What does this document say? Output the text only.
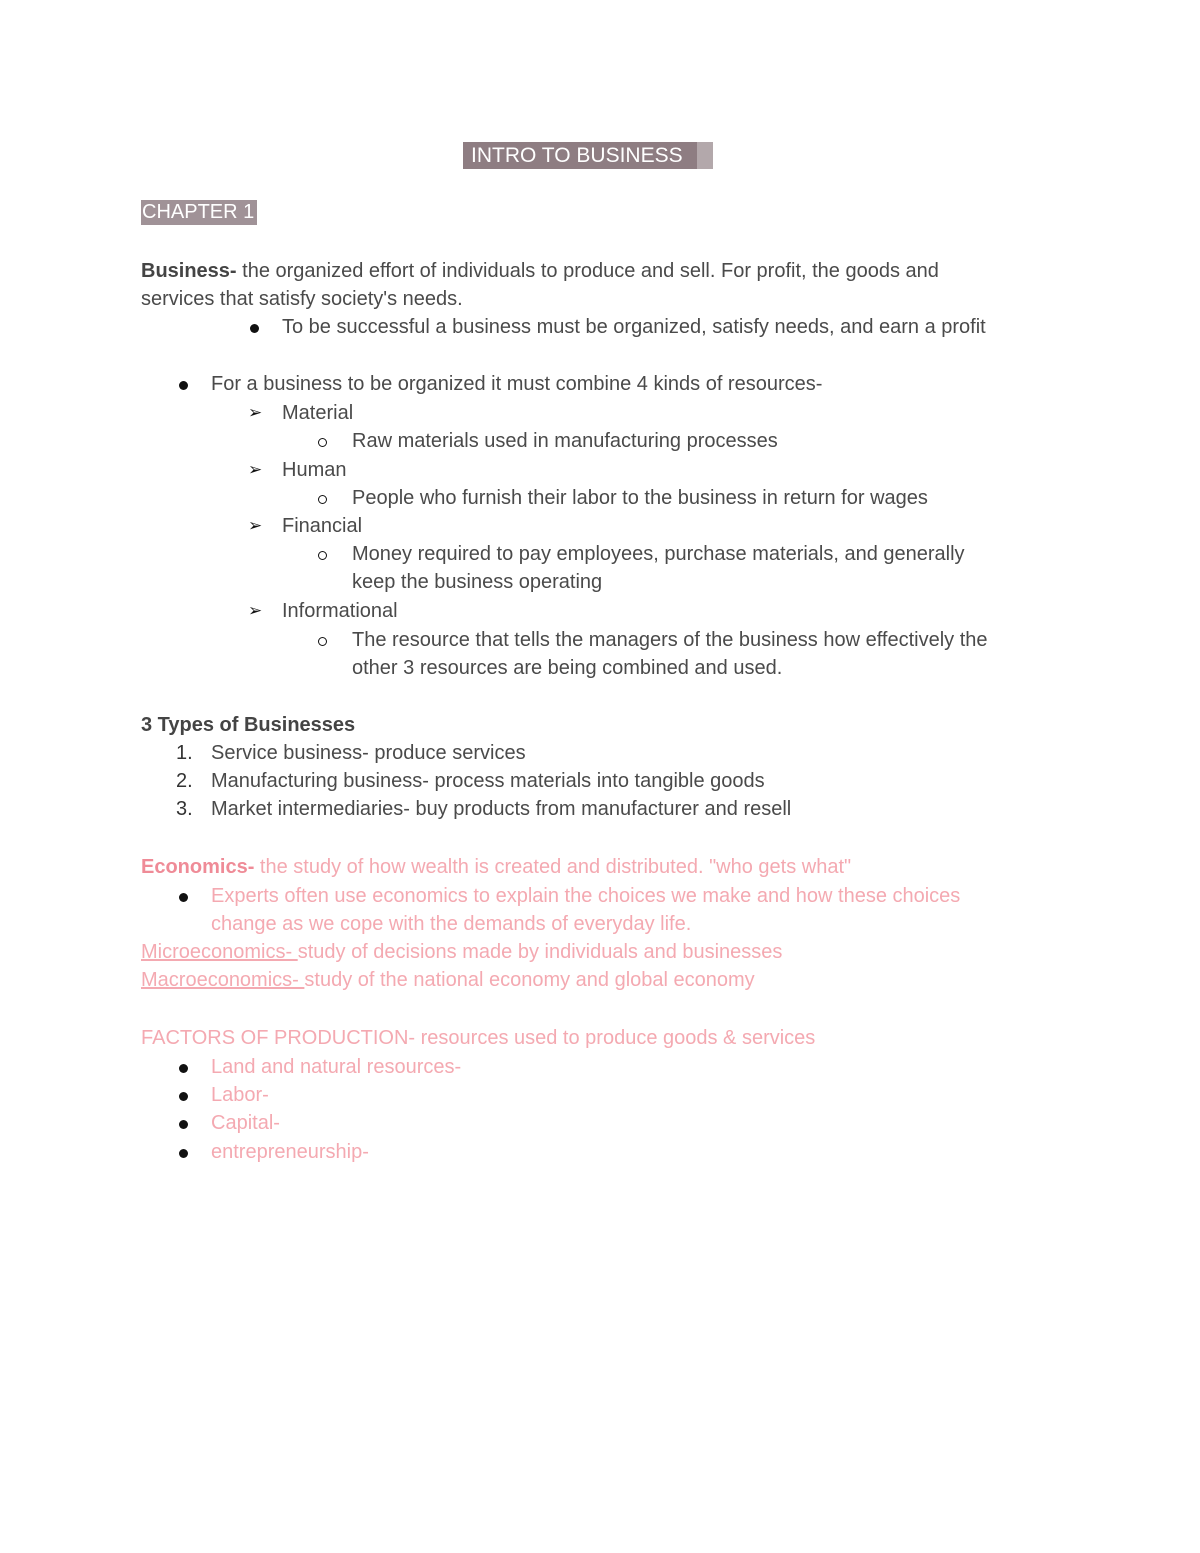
INTRO TO BUSINESS
CHAPTER 1
Business- the organized effort of individuals to produce and sell. For profit, the goods and
services that satisfy society's needs.
To be successful a business must be organized, satisfy needs, and earn a profit
For a business to be organized it must combine 4 kinds of resources-
➢ Material
Raw materials used in manufacturing processes
➢ Human
People who furnish their labor to the business in return for wages
➢ Financial
Money required to pay employees, purchase materials, and generally
keep the business operating
➢ Informational
The resource that tells the managers of the business how effectively the
other 3 resources are being combined and used.
3 Types of Businesses
1. Service business- produce services
2. Manufacturing business- process materials into tangible goods
3. Market intermediaries- buy products from manufacturer and resell
Economics- the study of how wealth is created and distributed. "who gets what"
Experts often use economics to explain the choices we make and how these choices
change as we cope with the demands of everyday life.
Microeconomics- study of decisions made by individuals and businesses
Macroeconomics- study of the national economy and global economy
FACTORS OF PRODUCTION- resources used to produce goods & services
Land and natural resources-
Labor-
Capital-
entrepreneurship-
